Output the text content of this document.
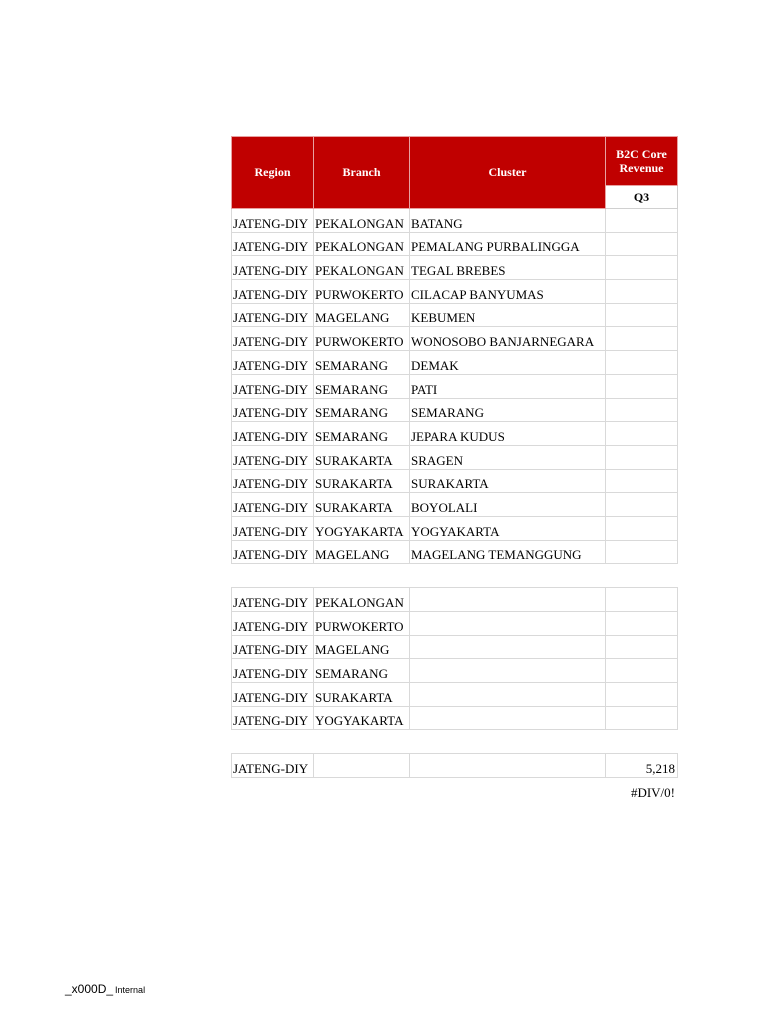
Region	Branch	Cluster	B2C Core
Revenue
			Q3
JATENG-DIY	PEKALONGAN	BATANG	
JATENG-DIY	PEKALONGAN	PEMALANG PURBALINGGA	
JATENG-DIY	PEKALONGAN	TEGAL BREBES	
JATENG-DIY	PURWOKERTO	CILACAP BANYUMAS	
JATENG-DIY	MAGELANG	KEBUMEN	
JATENG-DIY	PURWOKERTO	WONOSOBO BANJARNEGARA	
JATENG-DIY	SEMARANG	DEMAK	
JATENG-DIY	SEMARANG	PATI	
JATENG-DIY	SEMARANG	SEMARANG	
JATENG-DIY	SEMARANG	JEPARA KUDUS	
JATENG-DIY	SURAKARTA	SRAGEN	
JATENG-DIY	SURAKARTA	SURAKARTA	
JATENG-DIY	SURAKARTA	BOYOLALI	
JATENG-DIY	YOGYAKARTA	YOGYAKARTA	
JATENG-DIY	MAGELANG	MAGELANG TEMANGGUNG	
JATENG-DIY	PEKALONGAN		
JATENG-DIY	PURWOKERTO		
JATENG-DIY	MAGELANG		
JATENG-DIY	SEMARANG		
JATENG-DIY	SURAKARTA		
JATENG-DIY	YOGYAKARTA		
JATENG-DIY			5,218
#DIV/0!
_x000D_ Internal
